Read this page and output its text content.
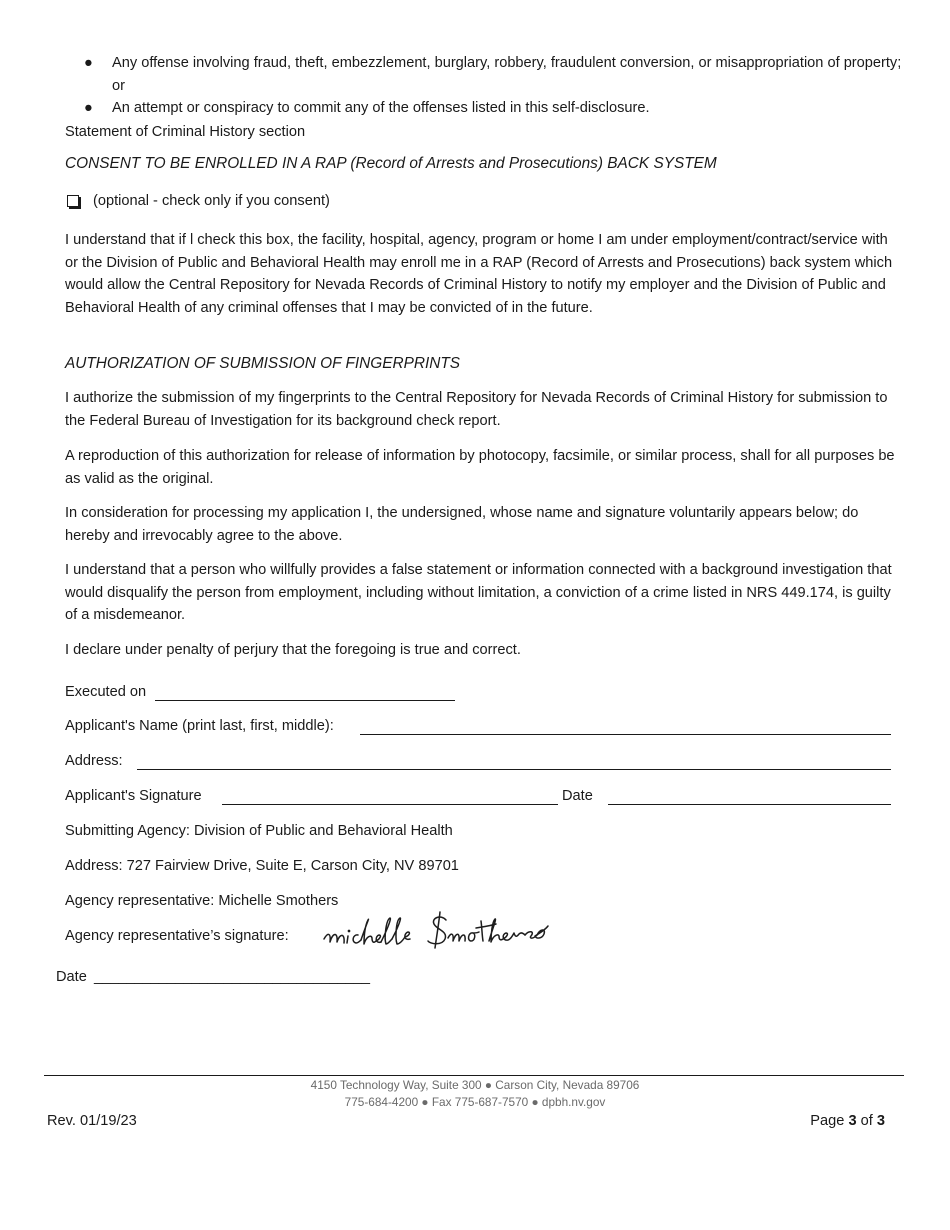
● Any offense involving fraud, theft, embezzlement, burglary, robbery, fraudulent conversion, or misappropriation of property; or
● An attempt or conspiracy to commit any of the offenses listed in this self-disclosure.

Statement of Criminal History section

CONSENT TO BE ENROLLED IN A RAP (Record of Arrests and Prosecutions) BACK SYSTEM

(optional - check only if you consent)

I understand that if l check this box, the facility, hospital, agency, program or home I am under employment/contract/service with or the Division of Public and Behavioral Health may enroll me in a RAP (Record of Arrests and Prosecutions) back system which would allow the Central Repository for Nevada Records of Criminal History to notify my employer and the Division of Public and Behavioral Health of any criminal offenses that I may be convicted of in the future.

AUTHORIZATION OF SUBMISSION OF FINGERPRINTS

I authorize the submission of my fingerprints to the Central Repository for Nevada Records of Criminal History for submission to the Federal Bureau of Investigation for its background check report.

A reproduction of this authorization for release of information by photocopy, facsimile, or similar process, shall for all purposes be as valid as the original.

In consideration for processing my application I, the undersigned, whose name and signature voluntarily appears below; do hereby and irrevocably agree to the above.

I understand that a person who willfully provides a false statement or information connected with a background investigation that would disqualify the person from employment, including without limitation, a conviction of a crime listed in NRS 449.174, is guilty of a misdemeanor.

I declare under penalty of perjury that the foregoing is true and correct.

Executed on
Applicant's Name (print last, first, middle):
Address:
Applicant's Signature	Date
Submitting Agency: Division of Public and Behavioral Health
Address: 727 Fairview Drive, Suite E, Carson City, NV 89701
Agency representative: Michelle Smothers
Agency representative’s signature:
Date __________________________________
4150 Technology Way, Suite 300 ● Carson City, Nevada 89706
775-684-4200 ● Fax 775-687-7570 ● dpbh.nv.gov
Rev. 01/19/23	Page 3 of 3
